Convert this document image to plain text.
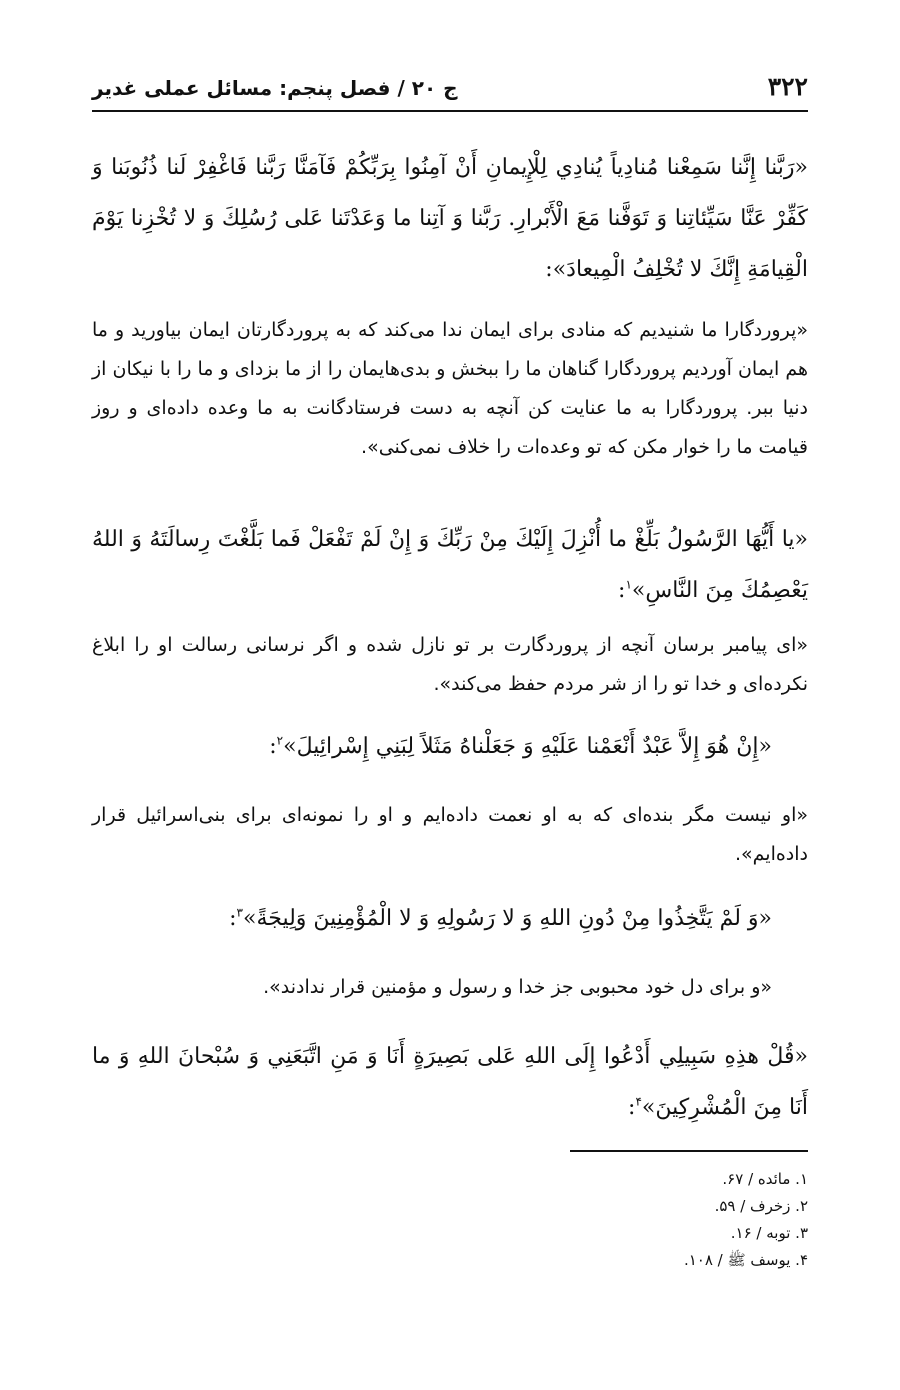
۳۲۲
ج ۲۰ / فصل پنجم: مسائل عملی غدیر

«رَبَّنا إِنَّنا سَمِعْنا مُنادِياً يُنادِي لِلْإِيمانِ أَنْ آمِنُوا بِرَبِّكُمْ فَآمَنَّا رَبَّنا فَاغْفِرْ لَنا ذُنُوبَنا وَ كَفِّرْ عَنَّا سَيِّئاتِنا وَ تَوَفَّنا مَعَ الْأَبْرارِ. رَبَّنا وَ آتِنا ما وَعَدْتَنا عَلى رُسُلِكَ وَ لا تُخْزِنا يَوْمَ الْقِيامَةِ إِنَّكَ لا تُخْلِفُ الْمِيعادَ»:

«پروردگارا ما شنيديم كه منادی برای ايمان ندا می‌كند كه به پروردگارتان ايمان بياوريد و ما هم ايمان آورديم پروردگارا گناهان ما را ببخش و بدی‌هايمان را از ما بزدای و ما را با نيكان از دنيا ببر. پروردگارا به ما عنايت كن آنچه به دست فرستادگانت به ما وعده داده‌ای و روز قيامت ما را خوار مكن كه تو وعده‌ات را خلاف نمی‌كنی».

«يا أَيُّهَا الرَّسُولُ بَلِّغْ ما أُنْزِلَ إِلَيْكَ مِنْ رَبِّكَ وَ إِنْ لَمْ تَفْعَلْ فَما بَلَّغْتَ رِسالَتَهُ وَ اللهُ يَعْصِمُكَ مِنَ النَّاسِ»$^۱$:

«ای پيامبر برسان آنچه از پروردگارت بر تو نازل شده و اگر نرسانی رسالت او را ابلاغ نكرده‌ای و خدا تو را از شر مردم حفظ می‌كند».

«إِنْ هُوَ إِلاَّ عَبْدٌ أَنْعَمْنا عَلَيْهِ وَ جَعَلْناهُ مَثَلاً لِبَنِي إِسْرائِيلَ»$^۲$:

«او نيست مگر بنده‌ای كه به او نعمت داده‌ايم و او را نمونه‌ای برای بنی‌اسرائيل قرار داده‌ايم».

«وَ لَمْ يَتَّخِذُوا مِنْ دُونِ اللهِ وَ لا رَسُولِهِ وَ لا الْمُؤْمِنِينَ وَلِيجَةً»$^۳$:

«و برای دل خود محبوبی جز خدا و رسول و مؤمنين قرار ندادند».

«قُلْ هذِهِ سَبِيلِي أَدْعُوا إِلَى اللهِ عَلى بَصِيرَةٍ أَنَا وَ مَنِ اتَّبَعَنِي وَ سُبْحانَ اللهِ وَ ما أَنَا مِنَ الْمُشْرِكِينَ»$^۴$:

۱. مائده / ۶۷.
۲. زخرف / ۵۹.
۳. توبه / ۱۶.
۴. يوسف ﷺ / ۱۰۸.
